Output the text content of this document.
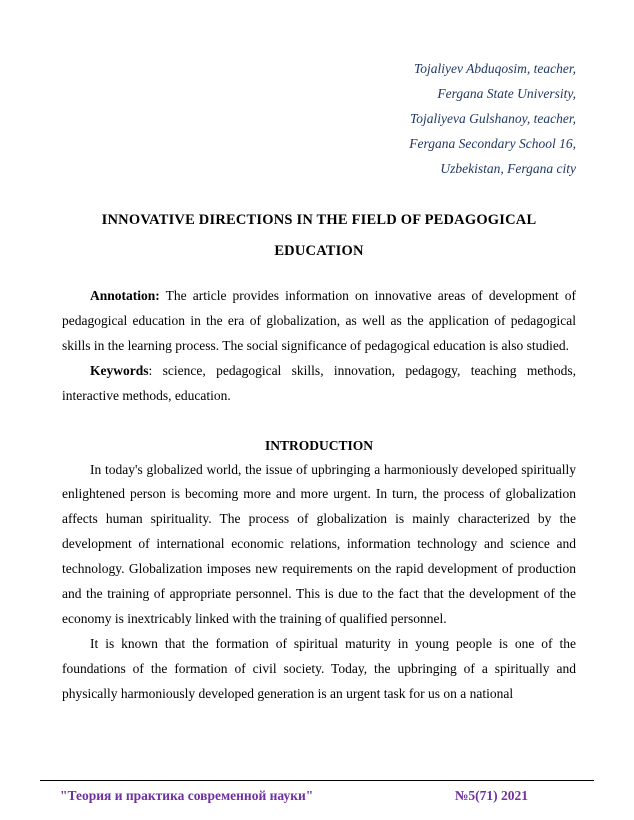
Tojaliyev Abduqosim, teacher,
Fergana State University,
Tojaliyeva Gulshanoy, teacher,
Fergana Secondary School 16,
Uzbekistan, Fergana city
INNOVATIVE DIRECTIONS IN THE FIELD OF PEDAGOGICAL EDUCATION

Annotation: The article provides information on innovative areas of development of pedagogical education in the era of globalization, as well as the application of pedagogical skills in the learning process. The social significance of pedagogical education is also studied.

Keywords: science, pedagogical skills, innovation, pedagogy, teaching methods, interactive methods, education.

INTRODUCTION

In today's globalized world, the issue of upbringing a harmoniously developed spiritually enlightened person is becoming more and more urgent. In turn, the process of globalization affects human spirituality. The process of globalization is mainly characterized by the development of international economic relations, information technology and science and technology. Globalization imposes new requirements on the rapid development of production and the training of appropriate personnel. This is due to the fact that the development of the economy is inextricably linked with the training of qualified personnel.

It is known that the formation of spiritual maturity in young people is one of the foundations of the formation of civil society. Today, the upbringing of a spiritually and physically harmoniously developed generation is an urgent task for us on a national

"Теория и практика современной науки"	№5(71) 2021
